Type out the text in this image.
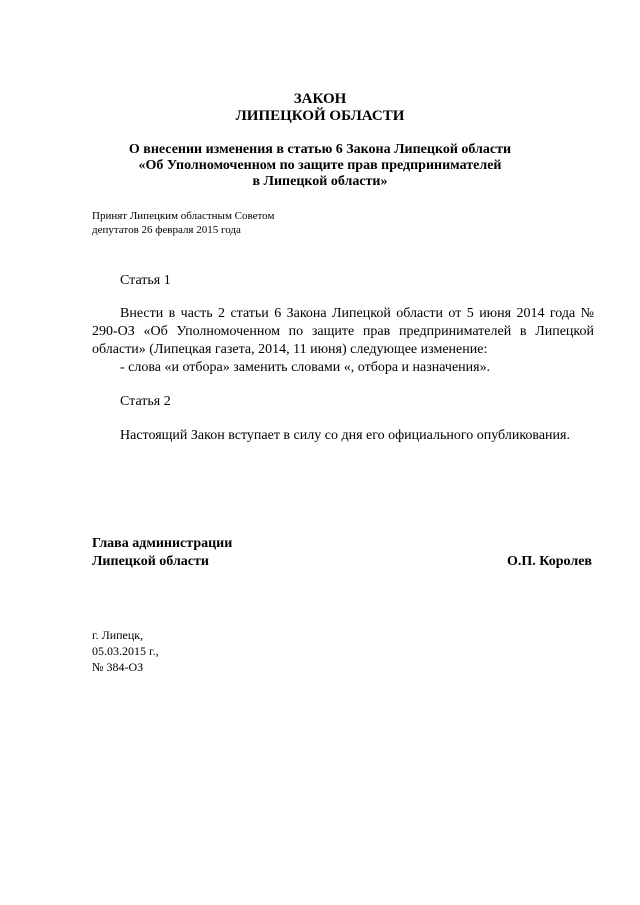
ЗАКОН
ЛИПЕЦКОЙ ОБЛАСТИ
О внесении изменения в статью 6 Закона Липецкой области
«Об Уполномоченном по защите прав предпринимателей
в Липецкой области»
Принят Липецким областным Советом
депутатов 26 февраля 2015 года
Статья 1

Внести в часть 2 статьи 6 Закона Липецкой области от 5 июня 2014 года № 290-ОЗ «Об Уполномоченном по защите прав предпринимателей в Липецкой области» (Липецкая газета, 2014, 11 июня) следующее изменение:
- слова «и отбора» заменить словами «, отбора и назначения».

Статья 2

Настоящий Закон вступает в силу со дня его официального опубликования.

Глава администрации
Липецкой области	О.П. Королев
г. Липецк,
05.03.2015 г.,
№ 384-ОЗ
